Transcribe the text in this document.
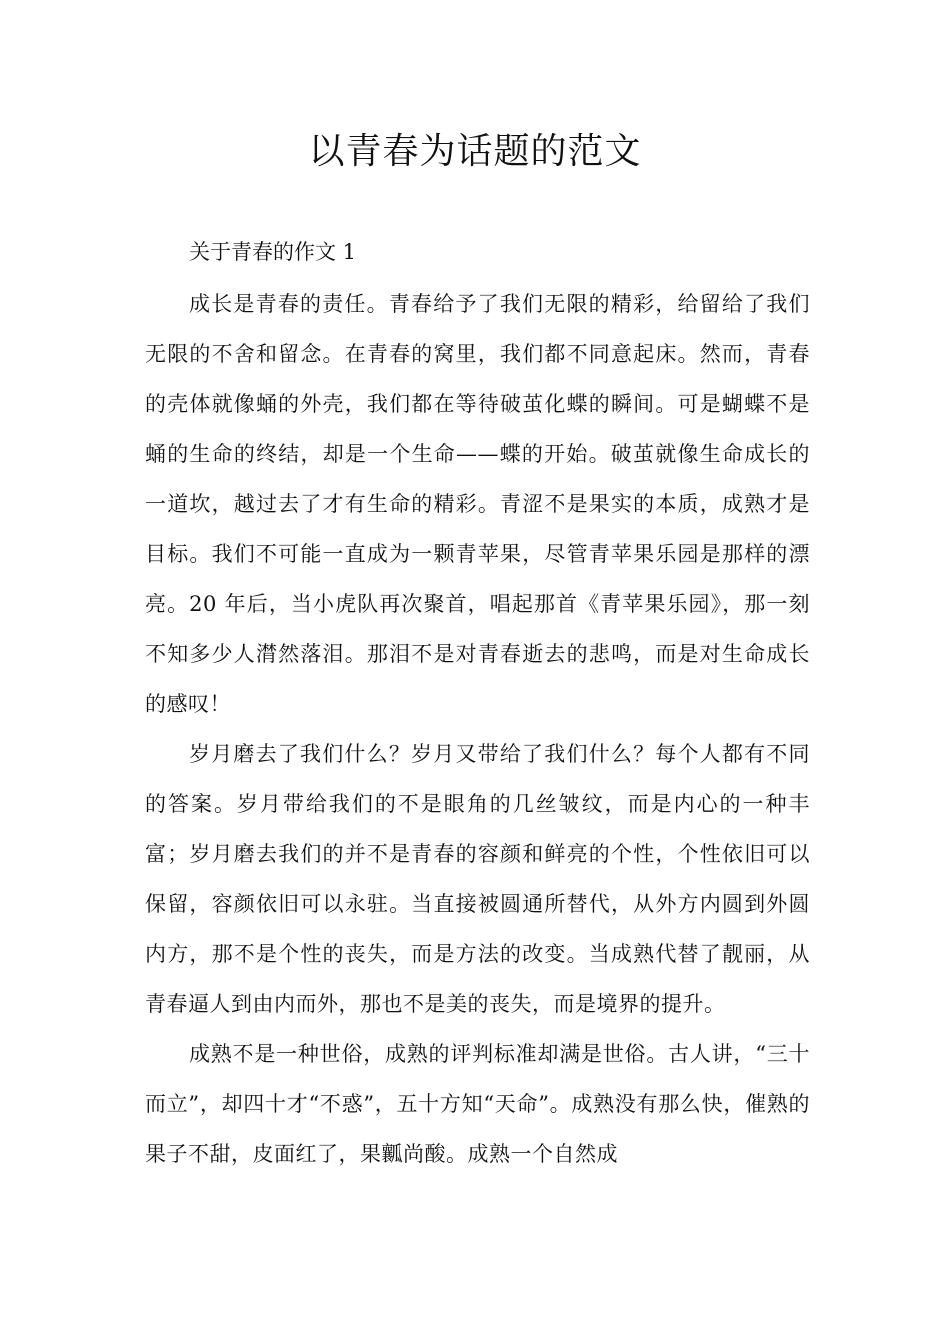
以青春为话题的范文

关于青春的作文 1

成长是青春的责任。青春给予了我们无限的精彩，给留给了我们无限的不舍和留念。在青春的窝里，我们都不同意起床。然而，青春的壳体就像蛹的外壳，我们都在等待破茧化蝶的瞬间。可是蝴蝶不是蛹的生命的终结，却是一个生命——蝶的开始。破茧就像生命成长的一道坎，越过去了才有生命的精彩。青涩不是果实的本质，成熟才是目标。我们不可能一直成为一颗青苹果，尽管青苹果乐园是那样的漂亮。20 年后，当小虎队再次聚首，唱起那首《青苹果乐园》，那一刻不知多少人潸然落泪。那泪不是对青春逝去的悲鸣，而是对生命成长的感叹！

岁月磨去了我们什么？岁月又带给了我们什么？每个人都有不同的答案。岁月带给我们的不是眼角的几丝皱纹，而是内心的一种丰富；岁月磨去我们的并不是青春的容颜和鲜亮的个性，个性依旧可以保留，容颜依旧可以永驻。当直接被圆通所替代，从外方内圆到外圆内方，那不是个性的丧失，而是方法的改变。当成熟代替了靓丽，从青春逼人到由内而外，那也不是美的丧失，而是境界的提升。

成熟不是一种世俗，成熟的评判标准却满是世俗。古人讲，“三十而立”，却四十才“不惑”，五十方知“天命”。成熟没有那么快，催熟的果子不甜，皮面红了，果瓤尚酸。成熟一个自然成
